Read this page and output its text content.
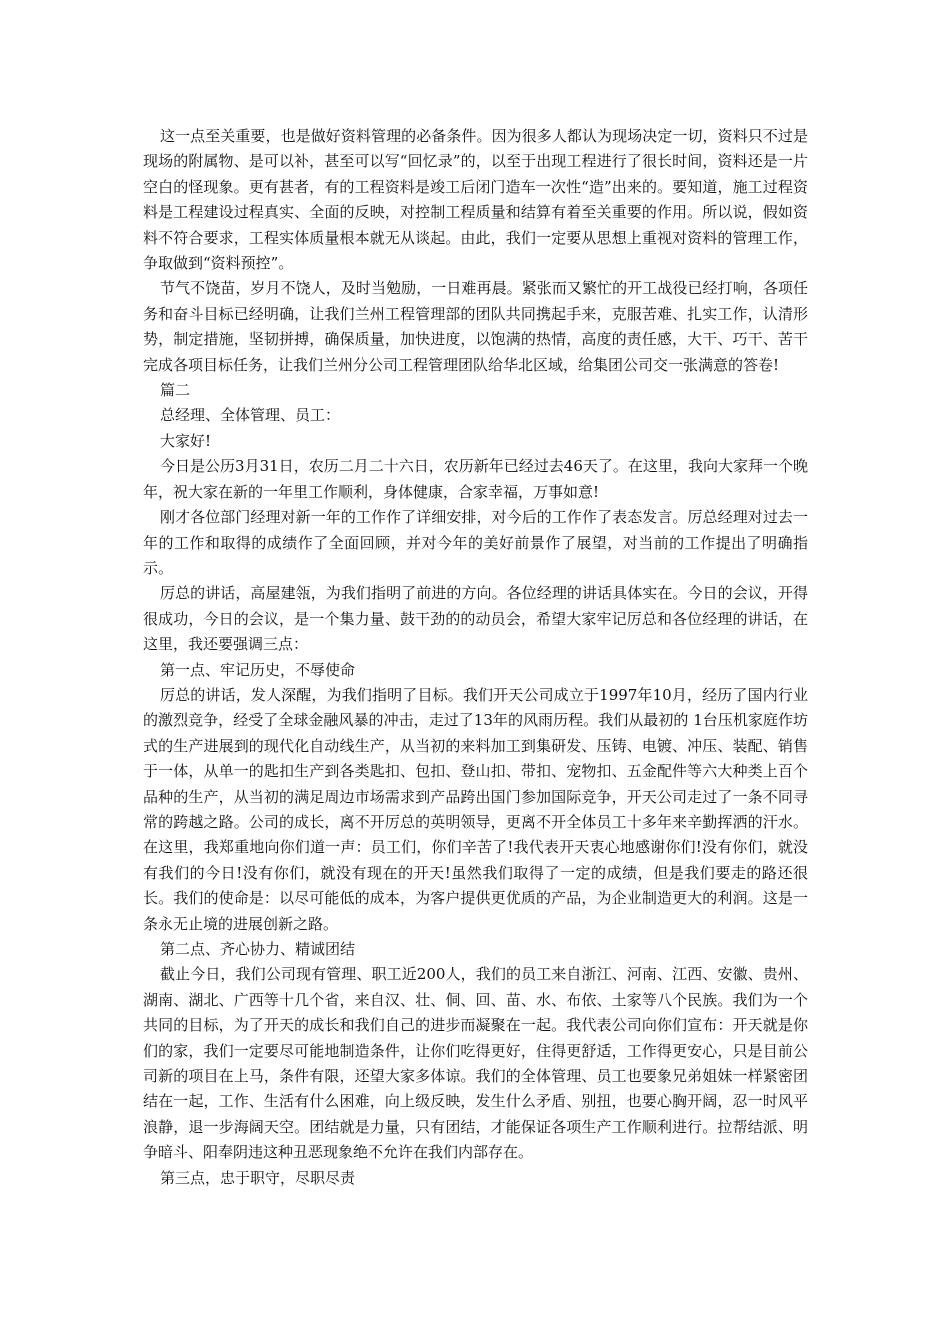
这一点至关重要，也是做好资料管理的必备条件。因为很多人都认为现场决定一切，资料只不过是现场的附属物、是可以补，甚至可以写“回忆录”的，以至于出现工程进行了很长时间，资料还是一片空白的怪现象。更有甚者，有的工程资料是竣工后闭门造车一次性“造”出来的。要知道，施工过程资料是工程建设过程真实、全面的反映，对控制工程质量和结算有着至关重要的作用。所以说，假如资料不符合要求，工程实体质量根本就无从谈起。由此，我们一定要从思想上重视对资料的管理工作，争取做到“资料预控”。

节气不饶苗，岁月不饶人，及时当勉励，一日难再晨。紧张而又繁忙的开工战役已经打响，各项任务和奋斗目标已经明确，让我们兰州工程管理部的团队共同携起手来，克服苦难、扎实工作，认清形势，制定措施，坚韧拼搏，确保质量，加快进度，以饱满的热情，高度的责任感，大干、巧干、苦干完成各项目标任务，让我们兰州分公司工程管理团队给华北区域，给集团公司交一张满意的答卷!

篇二

总经理、全体管理、员工：

大家好!

今日是公历3月31日，农历二月二十六日，农历新年已经过去46天了。在这里，我向大家拜一个晚年，祝大家在新的一年里工作顺利，身体健康，合家幸福，万事如意!

刚才各位部门经理对新一年的工作作了详细安排，对今后的工作作了表态发言。厉总经理对过去一年的工作和取得的成绩作了全面回顾，并对今年的美好前景作了展望，对当前的工作提出了明确指示。

厉总的讲话，高屋建瓴，为我们指明了前进的方向。各位经理的讲话具体实在。今日的会议，开得很成功，今日的会议，是一个集力量、鼓干劲的的动员会，希望大家牢记厉总和各位经理的讲话，在这里，我还要强调三点：

第一点、牢记历史，不辱使命

厉总的讲话，发人深醒，为我们指明了目标。我们开天公司成立于1997年10月，经历了国内行业的激烈竞争，经受了全球金融风暴的冲击，走过了13年的风雨历程。我们从最初的 1台压机家庭作坊式的生产进展到的现代化自动线生产，从当初的来料加工到集研发、压铸、电镀、冲压、装配、销售于一体，从单一的匙扣生产到各类匙扣、包扣、登山扣、带扣、宠物扣、五金配件等六大种类上百个品种的生产，从当初的满足周边市场需求到产品跨出国门参加国际竞争，开天公司走过了一条不同寻常的跨越之路。公司的成长，离不开厉总的英明领导，更离不开全体员工十多年来辛勤挥洒的汗水。在这里，我郑重地向你们道一声：员工们，你们辛苦了!我代表开天衷心地感谢你们!没有你们，就没有我们的今日!没有你们，就没有现在的开天!虽然我们取得了一定的成绩，但是我们要走的路还很长。我们的使命是：以尽可能低的成本，为客户提供更优质的产品，为企业制造更大的利润。这是一条永无止境的进展创新之路。

第二点、齐心协力、精诚团结

截止今日，我们公司现有管理、职工近200人，我们的员工来自浙江、河南、江西、安徽、贵州、湖南、湖北、广西等十几个省，来自汉、壮、侗、回、苗、水、布依、土家等八个民族。我们为一个共同的目标，为了开天的成长和我们自己的进步而凝聚在一起。我代表公司向你们宣布：开天就是你们的家，我们一定要尽可能地制造条件，让你们吃得更好，住得更舒适，工作得更安心，只是目前公司新的项目在上马，条件有限，还望大家多体谅。我们的全体管理、员工也要象兄弟姐妹一样紧密团结在一起，工作、生活有什么困难，向上级反映，发生什么矛盾、别扭，也要心胸开阔，忍一时风平浪静，退一步海阔天空。团结就是力量，只有团结，才能保证各项生产工作顺利进行。拉帮结派、明争暗斗、阳奉阴违这种丑恶现象绝不允许在我们内部存在。

第三点，忠于职守，尽职尽责
